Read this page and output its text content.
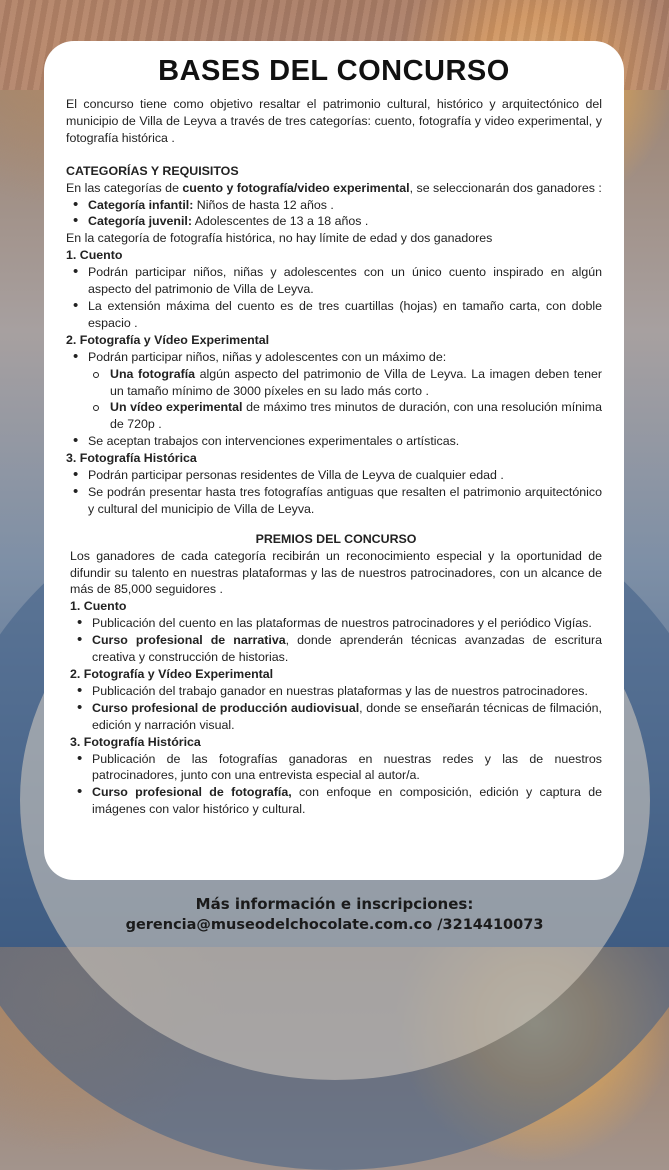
BASES DEL CONCURSO

El concurso tiene como objetivo resaltar el patrimonio cultural, histórico y arquitectónico del municipio de Villa de Leyva a través de tres categorías: cuento, fotografía y video experimental, y fotografía histórica .

CATEGORÍAS Y REQUISITOS

En las categorías de cuento y fotografía/video experimental, se seleccionarán dos ganadores :

• Categoría infantil: Niños de hasta 12 años .
• Categoría juvenil: Adolescentes de 13 a 18 años .

En la categoría de fotografía histórica, no hay límite de edad y dos ganadores

1. Cuento

• Podrán participar niños, niñas y adolescentes con un único cuento inspirado en algún aspecto del patrimonio de Villa de Leyva.
• La extensión máxima del cuento es de tres cuartillas (hojas) en tamaño carta, con doble espacio .

2. Fotografía y Vídeo Experimental

• Podrán participar niños, niñas y adolescentes con un máximo de:
Una fotografía algún aspecto del patrimonio de Villa de Leyva. La imagen deben tener un tamaño mínimo de 3000 píxeles en su lado más corto .
Un vídeo experimental de máximo tres minutos de duración, con una resolución mínima de 720p .
• Se aceptan trabajos con intervenciones experimentales o artísticas.

3. Fotografía Histórica

• Podrán participar personas residentes de Villa de Leyva de cualquier edad .
• Se podrán presentar hasta tres fotografías antiguas que resalten el patrimonio arquitectónico y cultural del municipio de Villa de Leyva.

PREMIOS DEL CONCURSO

Los ganadores de cada categoría recibirán un reconocimiento especial y la oportunidad de difundir su talento en nuestras plataformas y las de nuestros patrocinadores, con un alcance de más de 85,000 seguidores .

1. Cuento

• Publicación del cuento en las plataformas de nuestros patrocinadores y el periódico Vigías.
• Curso profesional de narrativa, donde aprenderán técnicas avanzadas de escritura creativa y construcción de historias.

2. Fotografía y Vídeo Experimental

• Publicación del trabajo ganador en nuestras plataformas y las de nuestros patrocinadores.
• Curso profesional de producción audiovisual, donde se enseñarán técnicas de filmación, edición y narración visual.

3. Fotografía Histórica

• Publicación de las fotografías ganadoras en nuestras redes y las de nuestros patrocinadores, junto con una entrevista especial al autor/a.
• Curso profesional de fotografía, con enfoque en composición, edición y captura de imágenes con valor histórico y cultural.
Más información e inscripciones:
gerencia@museodelchocolate.com.co /3214410073
